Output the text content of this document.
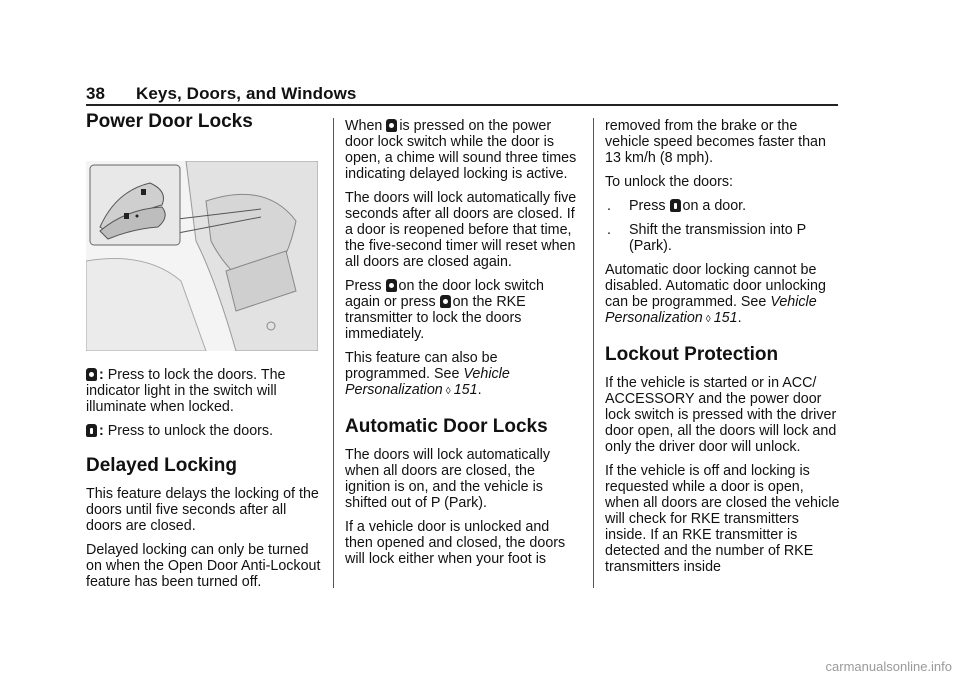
38 Keys, Doors, and Windows
Power Door Locks

: Press to lock the doors. The indicator light in the switch will illuminate when locked.

: Press to unlock the doors.

Delayed Locking

This feature delays the locking of the doors until five seconds after all doors are closed.

Delayed locking can only be turned on when the Open Door Anti-Lockout feature has been turned off.

When is pressed on the power door lock switch while the door is open, a chime will sound three times indicating delayed locking is active.

The doors will lock automatically five seconds after all doors are closed. If a door is reopened before that time, the five-second timer will reset when all doors are closed again.

Press on the door lock switch again or press on the RKE transmitter to lock the doors immediately.

This feature can also be programmed. See Vehicle Personalization ◊ 151.

Automatic Door Locks

The doors will lock automatically when all doors are closed, the ignition is on, and the vehicle is shifted out of P (Park).

If a vehicle door is unlocked and then opened and closed, the doors will lock either when your foot is

removed from the brake or the vehicle speed becomes faster than 13 km/h (8 mph).

To unlock the doors:

.	Press on a door.
.	Shift the transmission into P (Park).

Automatic door locking cannot be disabled. Automatic door unlocking can be programmed. See Vehicle Personalization ◊ 151.

Lockout Protection

If the vehicle is started or in ACC/ ACCESSORY and the power door lock switch is pressed with the driver door open, all the doors will lock and only the driver door will unlock.

If the vehicle is off and locking is requested while a door is open, when all doors are closed the vehicle will check for RKE transmitters inside. If an RKE transmitter is detected and the number of RKE transmitters inside

carmanualsonline.info
